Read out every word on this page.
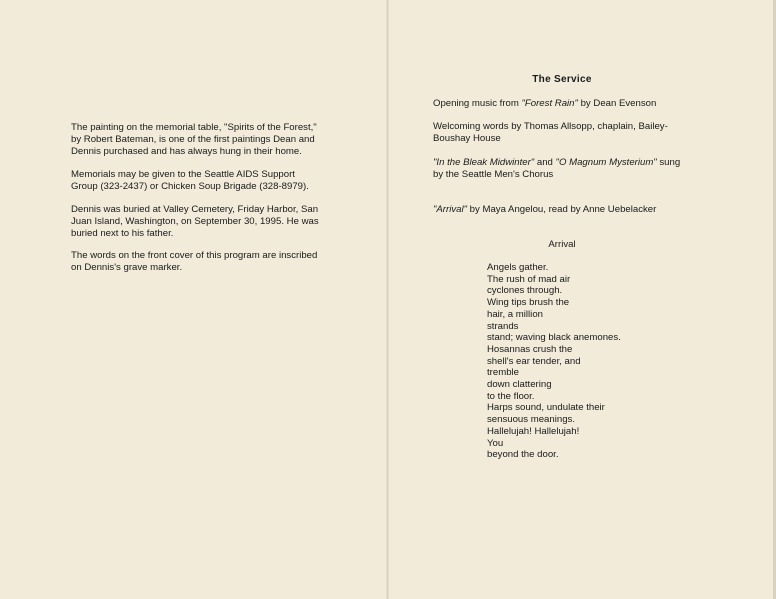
The painting on the memorial table, "Spirits of the Forest,"
by Robert Bateman, is one of the first paintings Dean and
Dennis purchased and has always hung in their home.
Memorials may be given to the Seattle AIDS Support
Group (323-2437) or Chicken Soup Brigade (328-8979).
Dennis was buried at Valley Cemetery, Friday Harbor, San
Juan Island, Washington, on September 30, 1995. He was
buried next to his father.
The words on the front cover of this program are inscribed
on Dennis's grave marker.
The Service
Opening music from "Forest Rain" by Dean Evenson
Welcoming words by Thomas Allsopp, chaplain, Bailey-
Boushay House
"In the Bleak Midwinter" and "O Magnum Mysterium" sung
by the Seattle Men's Chorus
"Arrival" by Maya Angelou, read by Anne Uebelacker
Arrival
Angels gather.
The rush of mad air
cyclones through.
Wing tips brush the
hair, a million
strands
stand; waving black anemones.
Hosannas crush the
shell's ear tender, and
tremble
down clattering
to the floor.
Harps sound, undulate their
sensuous meanings.
Hallelujah! Hallelujah!
You
beyond the door.
